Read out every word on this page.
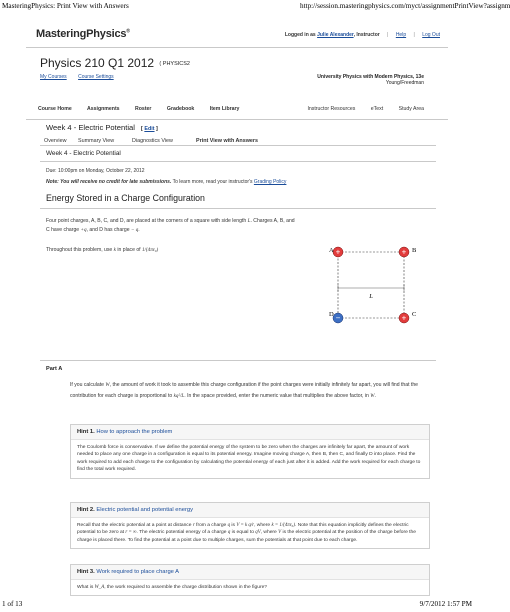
MasteringPhysics: Print View with Answers	http://session.masteringphysics.com/myct/assignmentPrintView?assignm
MasteringPhysics®
Logged in as Julie Alexander, Instructor | Help | Log Out
Physics 210 Q1 2012 ( PHYSICS2
My Courses Course Settings	University Physics with Modern Physics, 13e
Young/Freedman
Course Home	Assignments	Roster	Gradebook	Item Library	Instructor Resources	eText	Study Area
Week 4 - Electric Potential [ Edit ]
Overview Summary View	Diagnostics View	Print View with Answers
Week 4 - Electric Potential
Due: 10:00pm on Monday, October 22, 2012
Note: You will receive no credit for late submissions. To learn more, read your instructor's Grading Policy
Energy Stored in a Charge Configuration
Four point charges, A, B, C, and D, are placed at the corners of a square with side length L. Charges A, B, and C have charge +q, and D has charge − q.
Throughout this problem, use k in place of 1/(4πε₀)	+	+
−	+
A	B
D	C
L
Part A
If you calculate W, the amount of work it took to assemble this charge configuration if the point charges were initially infinitely far apart, you will find that the contribution for each charge is proportional to kq²/L. In the space provided, enter the numeric value that multiplies the above factor, in W.
Hint 1. How to approach the problem
The Coulomb force is conservative. If we define the potential energy of the system to be zero when the charges are infinitely far apart, the amount of work needed to place any one charge in a configuration is equal to its potential energy. Imagine moving charge A, then B, then C, and finally D into place. Find the work required to add each charge to the configuration by calculating the potential energy of each just after it is added. Add the work required for each charge to find the total work required.
Hint 2. Electric potential and potential energy
Recall that the electric potential at a point at distance r from a charge q is V = k q/r, where k = 1/(4πε₀). Note that this equation implicitly defines the electric potential to be zero at r = ∞. The electric potential energy of a charge q is equal to qV, where V is the electric potential at the position of the charge before the charge is placed there. To find the potential at a point due to multiple charges, sum the potentials at that point due to each charge.
Hint 3. Work required to place charge A
What is W_A, the work required to assemble the charge distribution shown in the figure?
1 of 13	9/7/2012 1:57 PM
